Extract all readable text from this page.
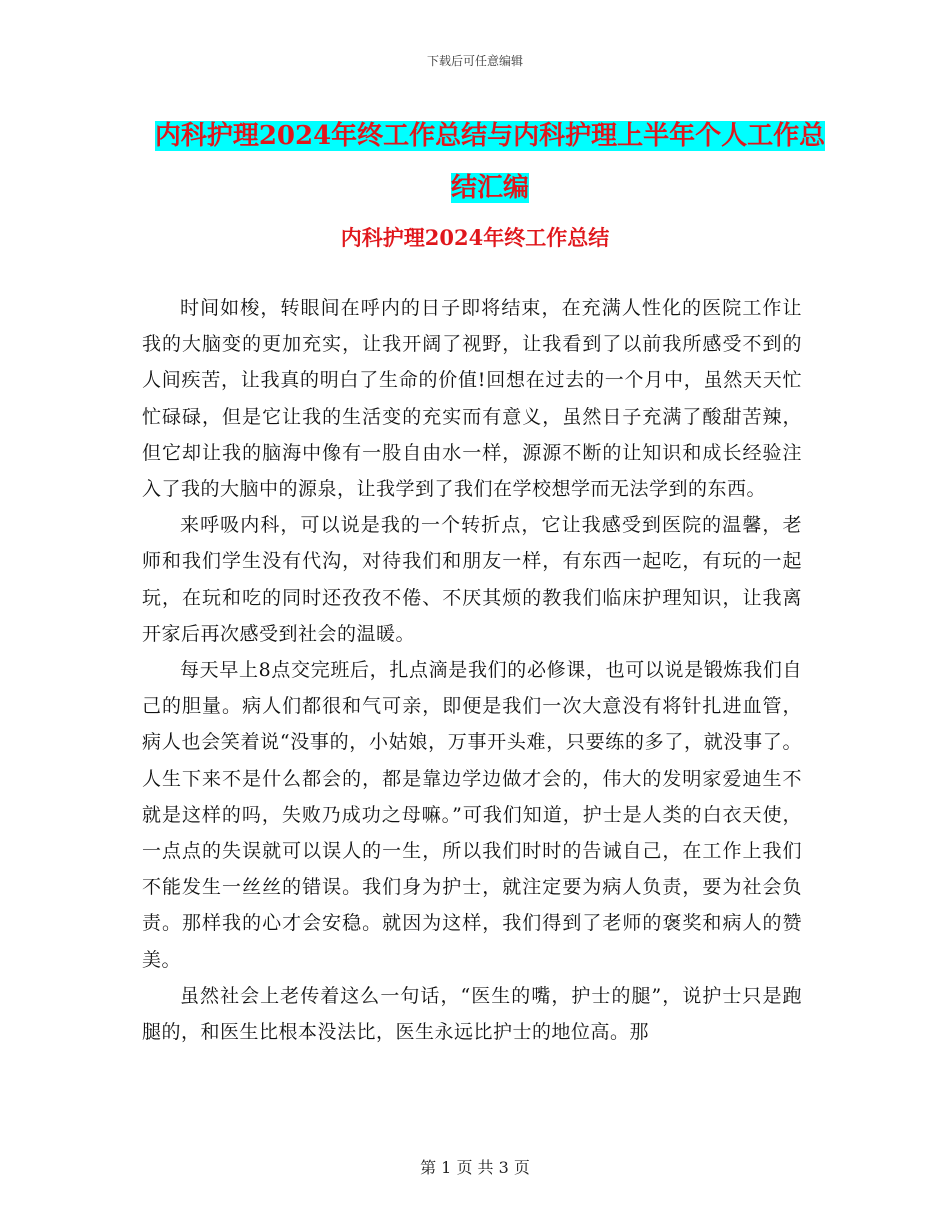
下载后可任意编辑
内科护理2024年终工作总结与内科护理上半年个人工作总结汇编
内科护理2024年终工作总结

时间如梭，转眼间在呼内的日子即将结束，在充满人性化的医院工作让我的大脑变的更加充实，让我开阔了视野，让我看到了以前我所感受不到的人间疾苦，让我真的明白了生命的价值!回想在过去的一个月中，虽然天天忙忙碌碌，但是它让我的生活变的充实而有意义，虽然日子充满了酸甜苦辣，但它却让我的脑海中像有一股自由水一样，源源不断的让知识和成长经验注入了我的大脑中的源泉，让我学到了我们在学校想学而无法学到的东西。

来呼吸内科，可以说是我的一个转折点，它让我感受到医院的温馨，老师和我们学生没有代沟，对待我们和朋友一样，有东西一起吃，有玩的一起玩，在玩和吃的同时还孜孜不倦、不厌其烦的教我们临床护理知识，让我离开家后再次感受到社会的温暖。

每天早上8点交完班后，扎点滴是我们的必修课，也可以说是锻炼我们自己的胆量。病人们都很和气可亲，即便是我们一次大意没有将针扎进血管，病人也会笑着说“没事的，小姑娘，万事开头难，只要练的多了，就没事了。人生下来不是什么都会的，都是靠边学边做才会的，伟大的发明家爱迪生不就是这样的吗，失败乃成功之母嘛。”可我们知道，护士是人类的白衣天使，一点点的失误就可以误人的一生，所以我们时时的告诫自己，在工作上我们不能发生一丝丝的错误。我们身为护士，就注定要为病人负责，要为社会负责。那样我的心才会安稳。就因为这样，我们得到了老师的褒奖和病人的赞美。

虽然社会上老传着这么一句话，“医生的嘴，护士的腿”，说护士只是跑腿的，和医生比根本没法比，医生永远比护士的地位高。那

第 1 页 共 3 页
